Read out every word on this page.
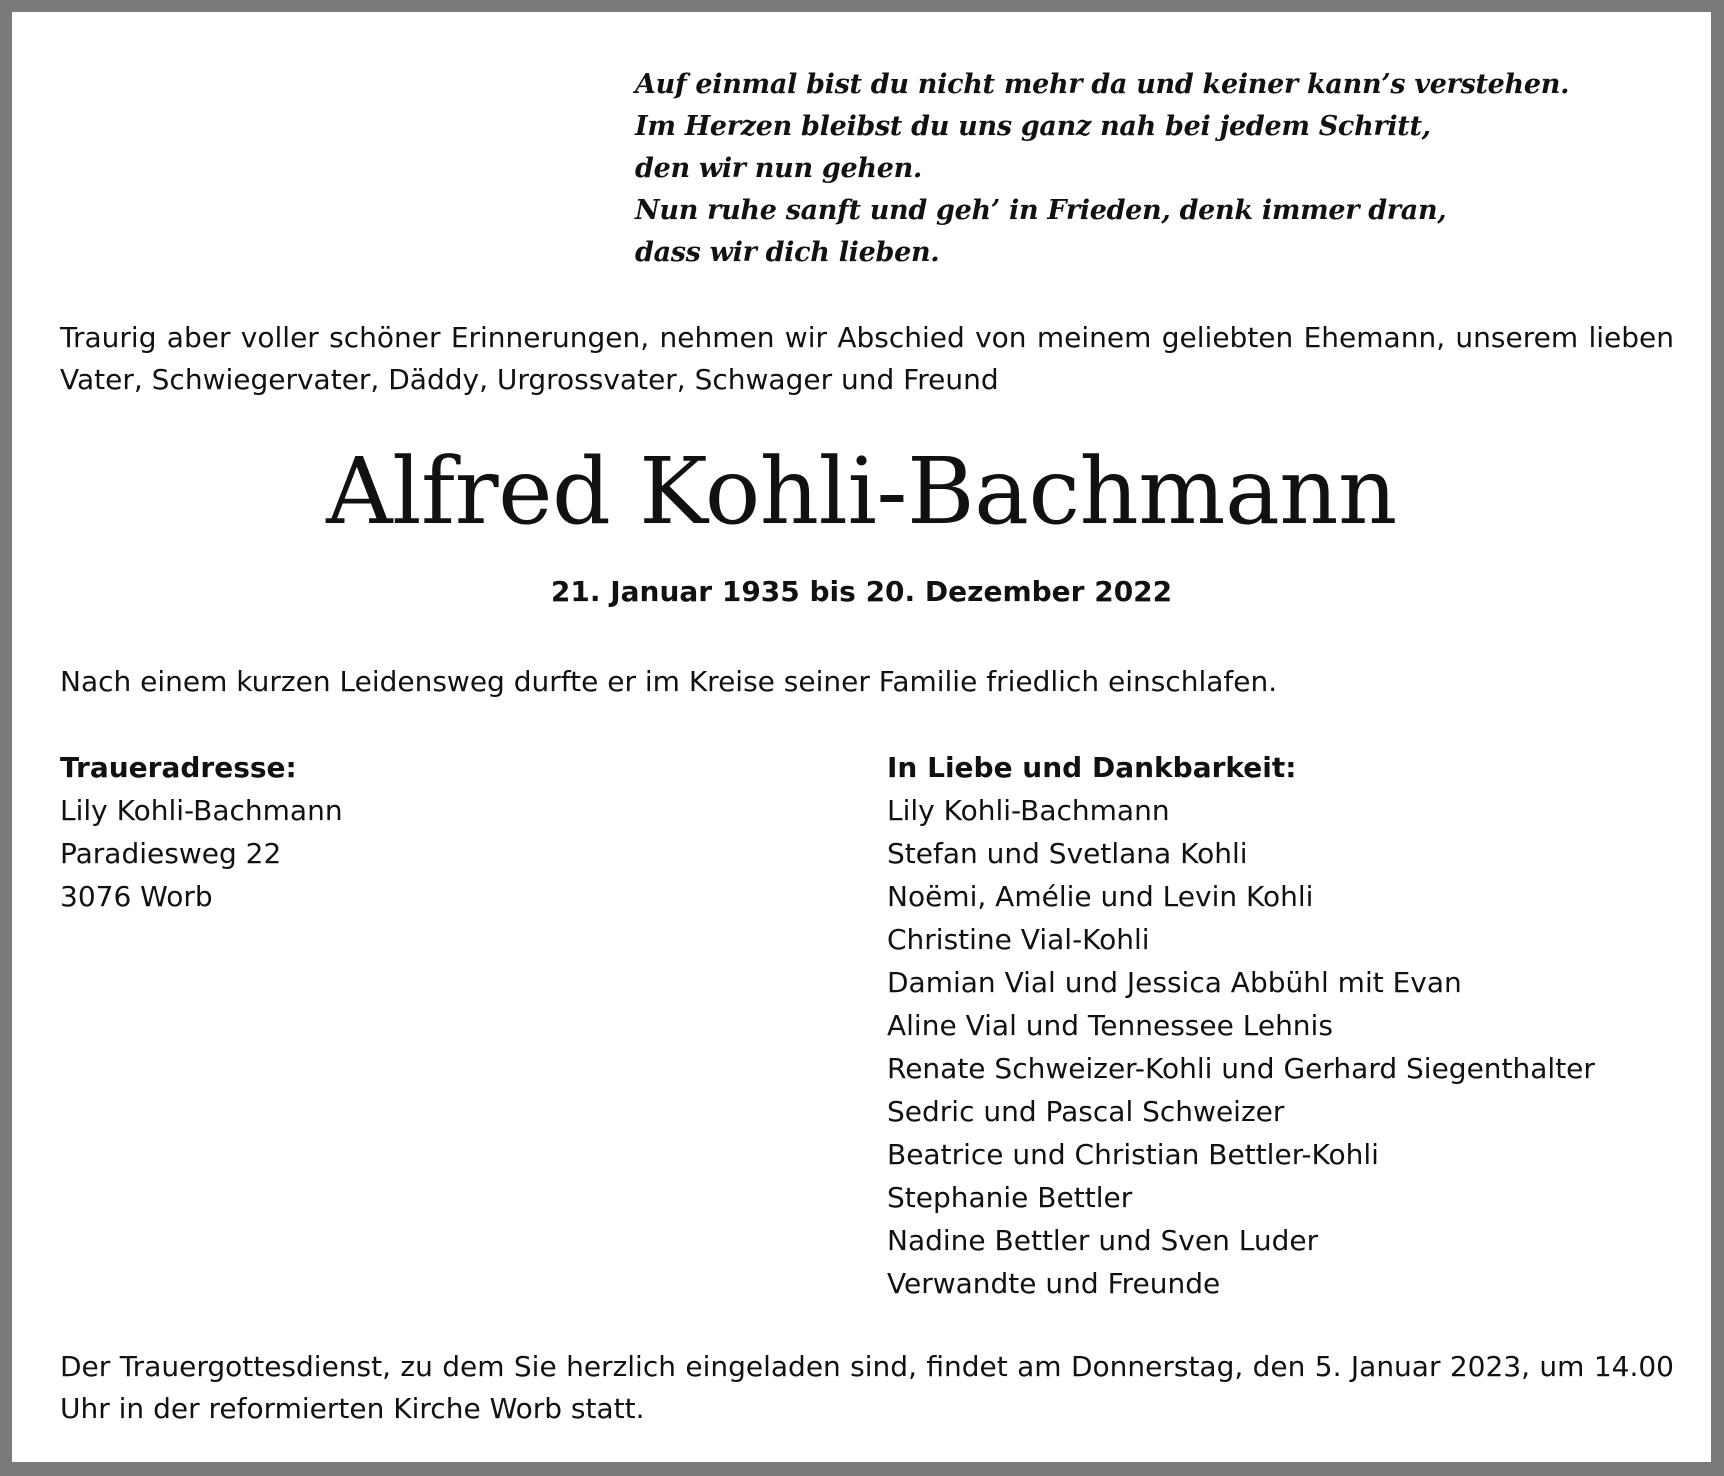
Auf einmal bist du nicht mehr da und keiner kann’s verstehen.
Im Herzen bleibst du uns ganz nah bei jedem Schritt,
den wir nun gehen.
Nun ruhe sanft und geh’ in Frieden, denk immer dran,
dass wir dich lieben.
Traurig aber voller schöner Erinnerungen, nehmen wir Abschied von meinem geliebten Ehemann, unserem lieben Vater, Schwiegervater, Däddy, Urgrossvater, Schwager und Freund
Alfred Kohli-Bachmann
21. Januar 1935 bis 20. Dezember 2022
Nach einem kurzen Leidensweg durfte er im Kreise seiner Familie friedlich einschlafen.
Traueradresse:
Lily Kohli-Bachmann
Paradiesweg 22
3076 Worb
In Liebe und Dankbarkeit:
Lily Kohli-Bachmann
Stefan und Svetlana Kohli
Noëmi, Amélie und Levin Kohli
Christine Vial-Kohli
Damian Vial und Jessica Abbühl mit Evan
Aline Vial und Tennessee Lehnis
Renate Schweizer-Kohli und Gerhard Siegenthalter
Sedric und Pascal Schweizer
Beatrice und Christian Bettler-Kohli
Stephanie Bettler
Nadine Bettler und Sven Luder
Verwandte und Freunde
Der Trauergottesdienst, zu dem Sie herzlich eingeladen sind, findet am Donnerstag, den 5. Januar 2023, um 14.00 Uhr in der reformierten Kirche Worb statt.
